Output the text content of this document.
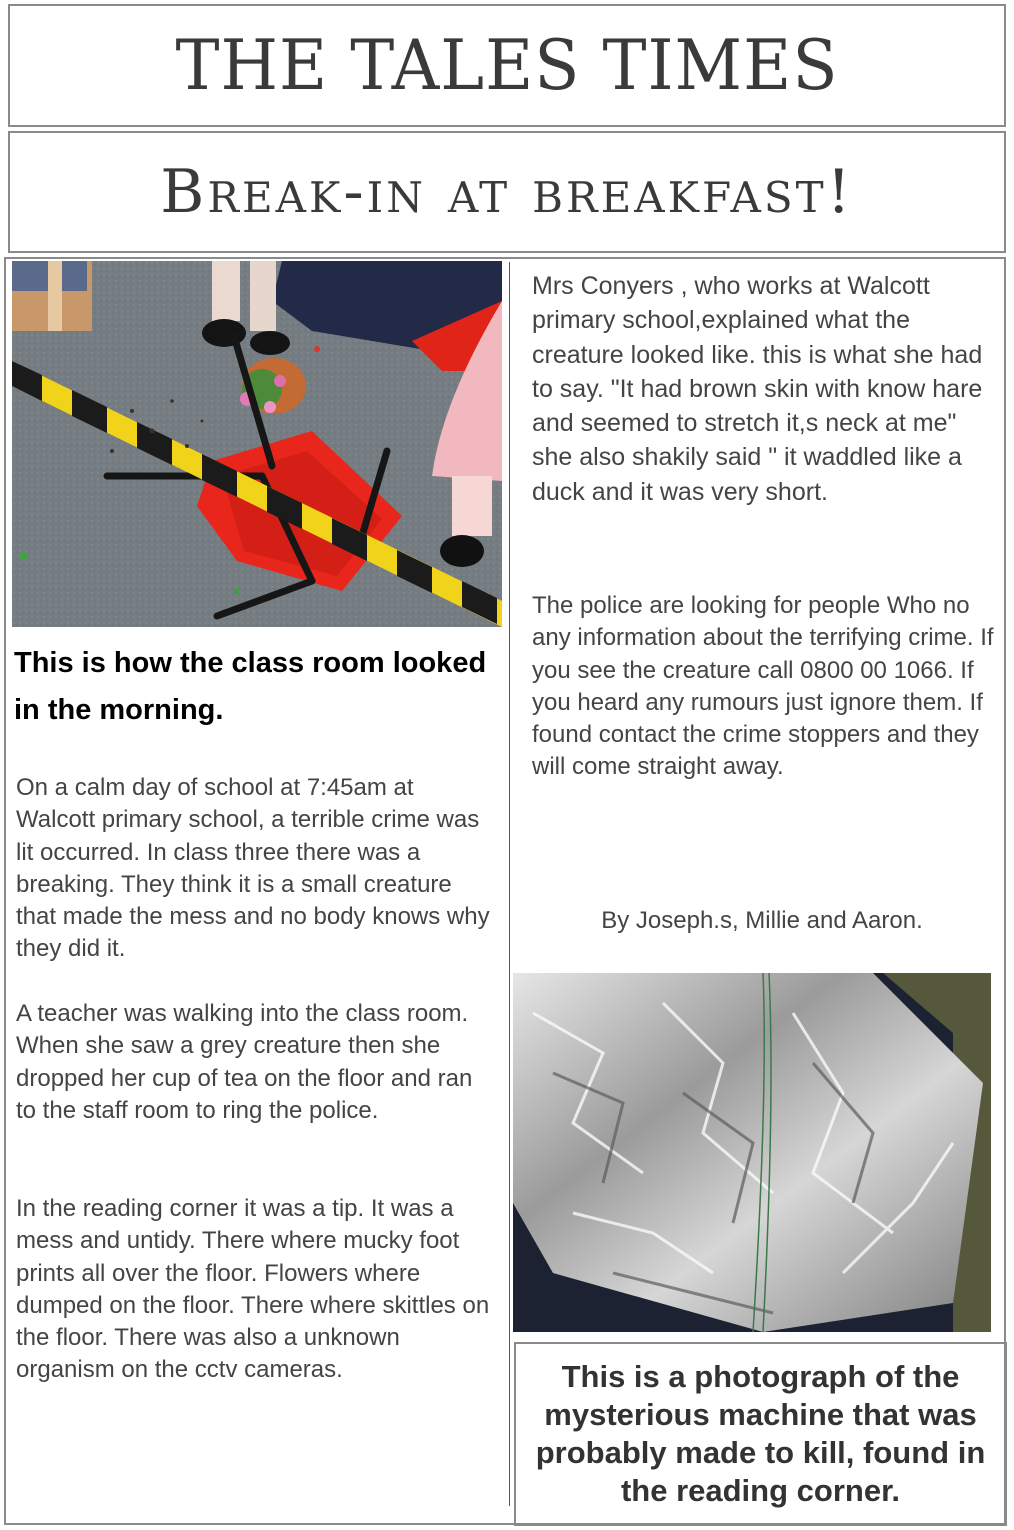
THE TALES TIMES
Break-in at breakfast!
This is how the class room looked in the morning.

On a calm day of school at 7:45am at Walcott primary school, a terrible crime was lit occurred. In class three there was a breaking. They think it is a small creature that made the mess and no body knows why they did it.

A teacher was walking into the class room. When she saw a grey creature then she dropped her cup of tea on the floor and ran to the staff room to ring the police.

In the reading corner it was a tip. It was a mess and untidy. There where mucky foot prints all over the floor. Flowers where dumped on the floor. There where skittles on the floor. There was also a unknown organism on the cctv cameras.

Mrs Conyers , who works at Walcott primary school,explained what the creature looked like. this is what she had to say. "It had brown skin with know hare and seemed to stretch it,s neck at me" she also shakily said " it waddled like a duck and it was very short.

The police are looking for people Who no any information about the terrifying crime. If you see the creature call 0800 00 1066. If you heard any rumours just ignore them. If found contact the crime stoppers and they will come straight away.

By Joseph.s, Millie and Aaron.
This is a photograph of the mysterious machine that was probably made to kill, found in the reading corner.
